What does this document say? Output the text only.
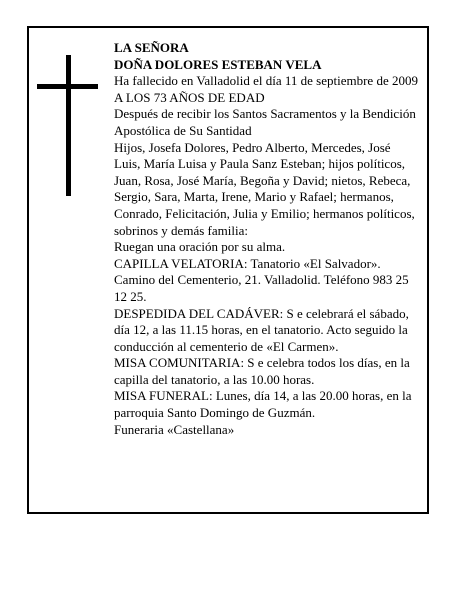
LA SEÑORA

DOÑA DOLORES ESTEBAN VELA

Ha fallecido en Valladolid el día 11 de septiembre de 2009

A LOS 73 AÑOS DE EDAD

Después de recibir los Santos Sacramentos y la Bendición Apostólica de Su Santidad

Hijos, Josefa Dolores, Pedro Alberto, Mercedes, José Luis, María Luisa y Paula Sanz Esteban; hijos políticos, Juan, Rosa, José María, Begoña y David; nietos, Rebeca, Sergio, Sara, Marta, Irene, Mario y Rafael; hermanos, Conrado, Felicitación, Julia y Emilio; hermanos políticos, sobrinos y demás familia:

Ruegan una oración por su alma.

CAPILLA VELATORIA: Tanatorio «El Salvador». Camino del Cementerio, 21. Valladolid. Teléfono 983 25 12 25.

DESPEDIDA DEL CADÁVER: S e celebrará el sábado, día 12, a las 11.15 horas, en el tanatorio. Acto seguido la conducción al cementerio de «El Carmen».

MISA COMUNITARIA: S e celebra todos los días, en la capilla del tanatorio, a las 10.00 horas.

MISA FUNERAL: Lunes, día 14, a las 20.00 horas, en la parroquia Santo Domingo de Guzmán.

Funeraria «Castellana»
